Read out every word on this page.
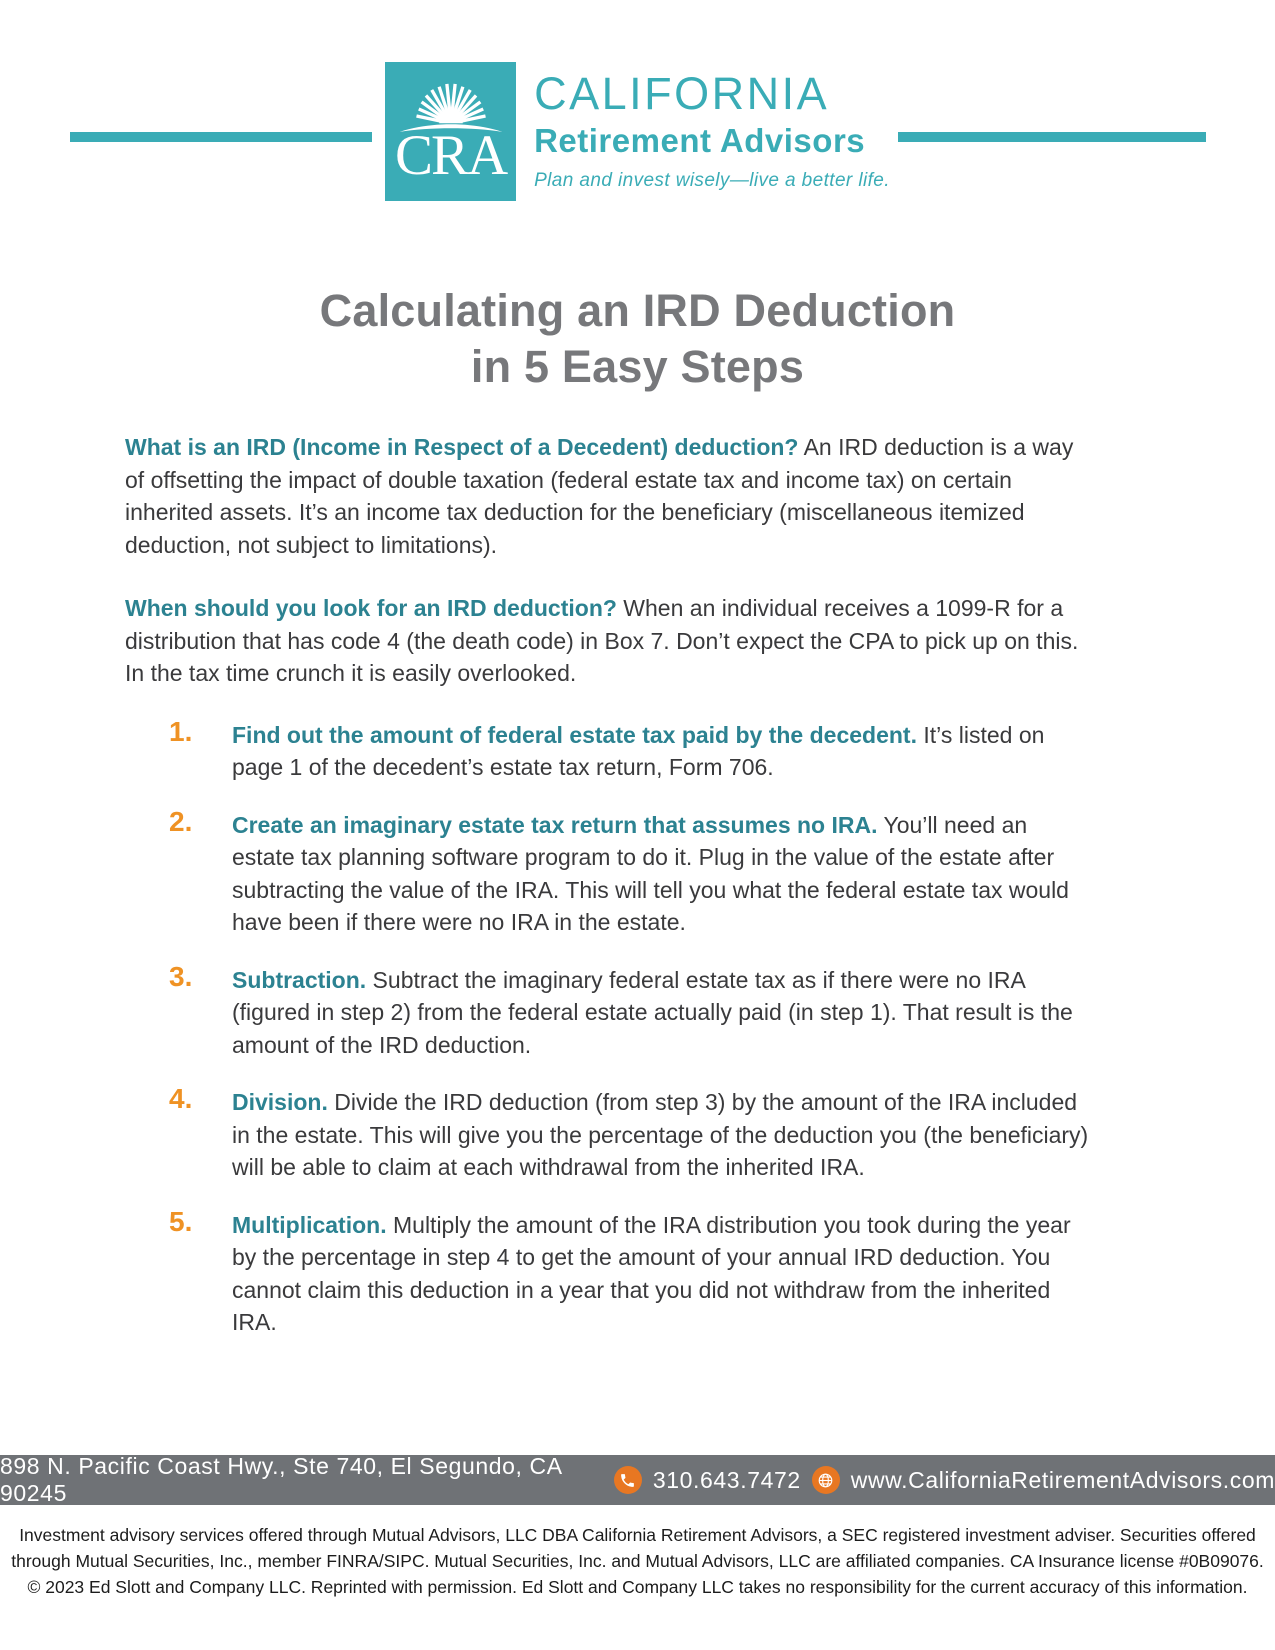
CRA
CALIFORNIA
Retirement Advisors
Plan and invest wisely—live a better life.
Calculating an IRD Deduction
in 5 Easy Steps

What is an IRD (Income in Respect of a Decedent) deduction? An IRD deduction is a way of offsetting the impact of double taxation (federal estate tax and income tax) on certain inherited assets. It’s an income tax deduction for the beneficiary (miscellaneous itemized deduction, not subject to limitations).

When should you look for an IRD deduction? When an individual receives a 1099-R for a distribution that has code 4 (the death code) in Box 7. Don’t expect the CPA to pick up on this. In the tax time crunch it is easily overlooked.

1. Find out the amount of federal estate tax paid by the decedent. It’s listed on page 1 of the decedent’s estate tax return, Form 706.
2. Create an imaginary estate tax return that assumes no IRA. You’ll need an estate tax planning software program to do it. Plug in the value of the estate after subtracting the value of the IRA. This will tell you what the federal estate tax would have been if there were no IRA in the estate.
3. Subtraction. Subtract the imaginary federal estate tax as if there were no IRA (figured in step 2) from the federal estate actually paid (in step 1). That result is the amount of the IRD deduction.
4. Division. Divide the IRD deduction (from step 3) by the amount of the IRA included in the estate. This will give you the percentage of the deduction you (the beneficiary) will be able to claim at each withdrawal from the inherited IRA.
5. Multiplication. Multiply the amount of the IRA distribution you took during the year by the percentage in step 4 to get the amount of your annual IRD deduction. You cannot claim this deduction in a year that you did not withdraw from the inherited IRA.
898 N. Pacific Coast Hwy., Ste 740, El Segundo, CA 90245
310.643.7472 www.CaliforniaRetirementAdvisors.com
Investment advisory services offered through Mutual Advisors, LLC DBA California Retirement Advisors, a SEC registered investment adviser. Securities offered
through Mutual Securities, Inc., member FINRA/SIPC. Mutual Securities, Inc. and Mutual Advisors, LLC are affiliated companies. CA Insurance license #0B09076.
© 2023 Ed Slott and Company LLC. Reprinted with permission. Ed Slott and Company LLC takes no responsibility for the current accuracy of this information.
